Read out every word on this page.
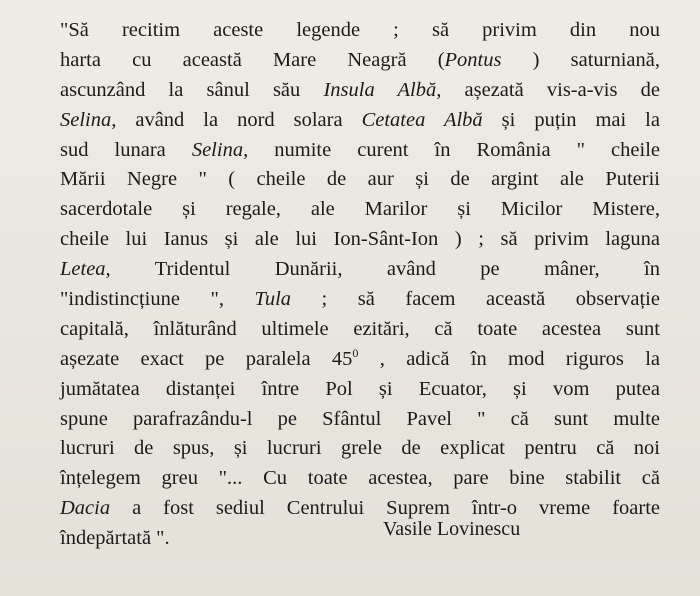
"Să recitim aceste legende ; să privim din nou
harta cu această Mare Neagră (Pontus ) saturniană,
ascunzând la sânul său Insula Albă, așezată vis-a-vis de
Selina, având la nord solara Cetatea Albă și puțin mai la
sud lunara Selina, numite curent în România " cheile
Mării Negre " ( cheile de aur și de argint ale Puterii
sacerdotale și regale, ale Marilor și Micilor Mistere,
cheile lui Ianus și ale lui Ion-Sânt-Ion ) ; să privim laguna
Letea, Tridentul Dunării, având pe mâner, în
"indistincțiune ", Tula ; să facem această observație
capitală, înlăturând ultimele ezitări, că toate acestea sunt
așezate exact pe paralela $45^0$ , adică în mod riguros la
jumătatea distanței între Pol și Ecuator, și vom putea
spune parafrazându-l pe Sfântul Pavel " că sunt multe
lucruri de spus, și lucruri grele de explicat pentru că noi
înțelegem greu "... Cu toate acestea, pare bine stabilit că
Dacia a fost sediul Centrului Suprem într-o vreme foarte
îndepărtată ".	Vasile Lovinescu
